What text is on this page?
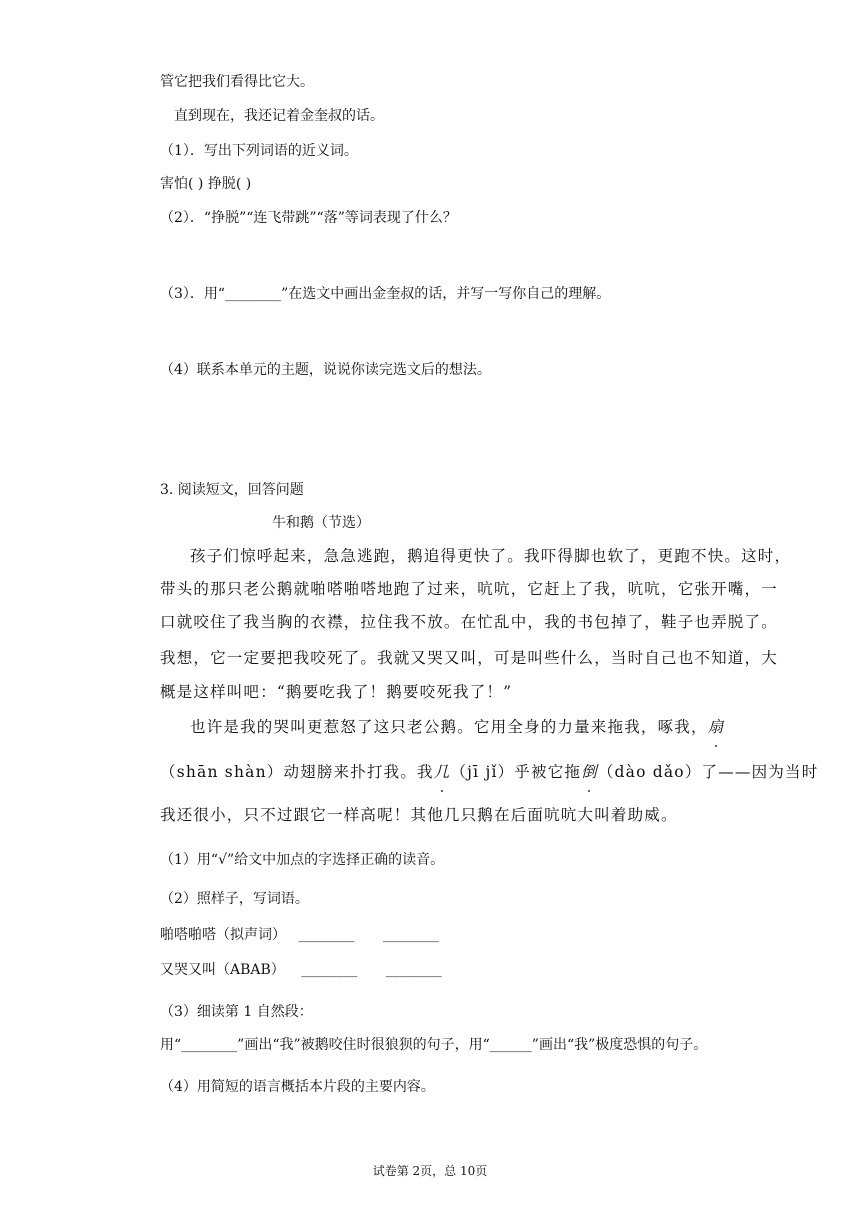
管它把我们看得比它大。
直到现在，我还记着金奎叔的话。
（1）．写出下列词语的近义词。
害怕( ) 挣脱( )
（2）．“挣脱”“连飞带跳”“落”等词表现了什么？
（3）．用“________”在选文中画出金奎叔的话，并写一写你自己的理解。
（4）联系本单元的主题，说说你读完选文后的想法。
3. 阅读短文，回答问题
牛和鹅（节选）
孩子们惊呼起来，急急逃跑，鹅追得更快了。我吓得脚也软了，更跑不快。这时，
带头的那只老公鹅就啪嗒啪嗒地跑了过来，吭吭，它赶上了我，吭吭，它张开嘴，一
口就咬住了我当胸的衣襟，拉住我不放。在忙乱中，我的书包掉了，鞋子也弄脱了。
我想，它一定要把我咬死了。我就又哭又叫，可是叫些什么，当时自己也不知道，大
概是这样叫吧：“鹅要吃我了！鹅要咬死我了！”
也许是我的哭叫更惹怒了这只老公鹅。它用全身的力量来拖我，啄我，扇
（shān shàn）动翅膀来扑打我。我几（jī jǐ）乎被它拖倒（dào dǎo）了——因为当时
我还很小，只不过跟它一样高呢！其他几只鹅在后面吭吭大叫着助威。
（1）用“√”给文中加点的字选择正确的读音。
（2）照样子，写词语。
啪嗒啪嗒（拟声词） ________ ________
又哭又叫（ABAB） ________ ________
（3）细读第 1 自然段：
用“________”画出“我”被鹅咬住时很狼狈的句子，用“______”画出“我”极度恐惧的句子。
（4）用简短的语言概括本片段的主要内容。
试卷第 2页，总 10页
